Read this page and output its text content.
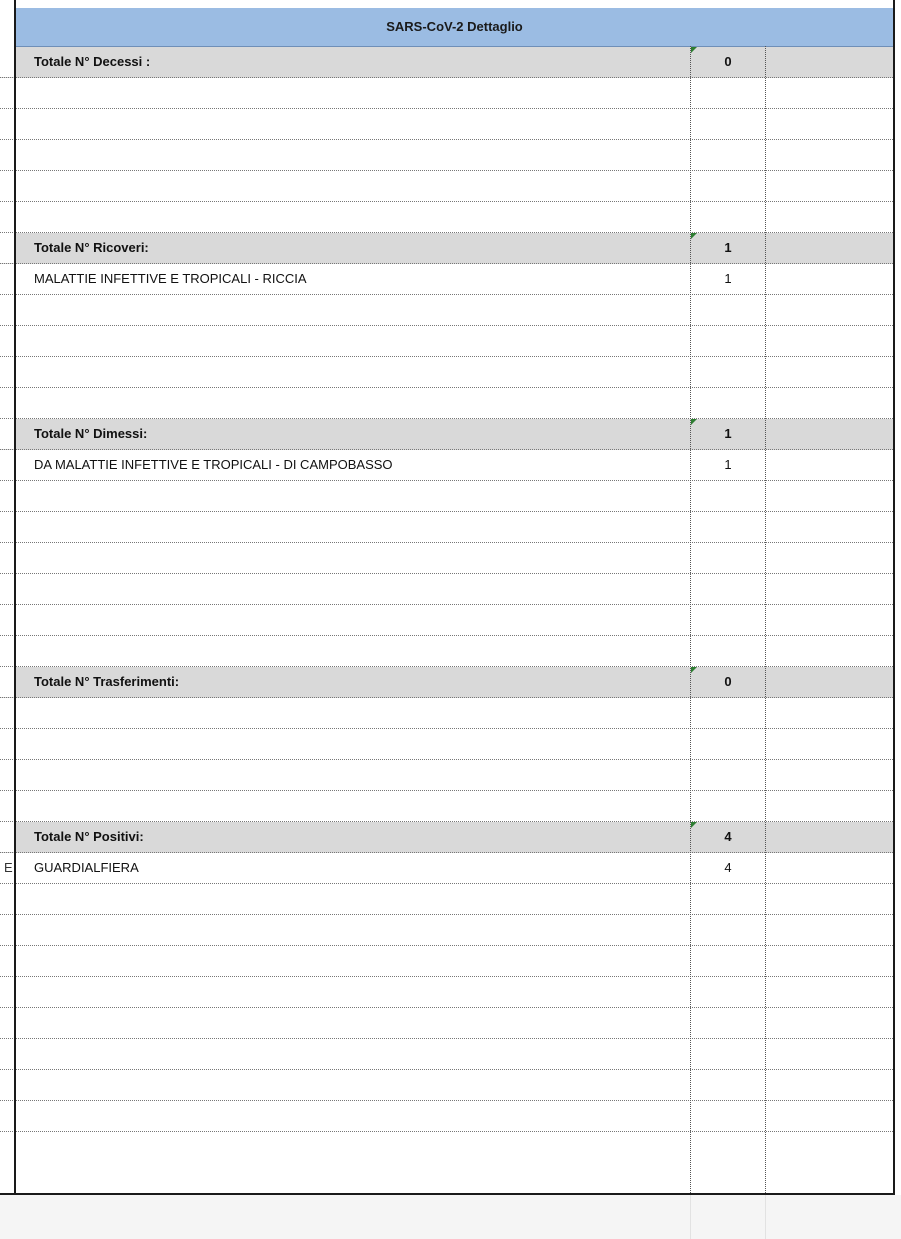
SARS-CoV-2 Dettaglio
Totale N° Decessi :	0
Totale N° Ricoveri:	1
MALATTIE INFETTIVE E TROPICALI - RICCIA	1
Totale N° Dimessi:	1
DA MALATTIE INFETTIVE E TROPICALI - DI CAMPOBASSO	1
Totale N° Trasferimenti:	0
Totale N° Positivi:	4
GUARDIALFIERA	4
E
